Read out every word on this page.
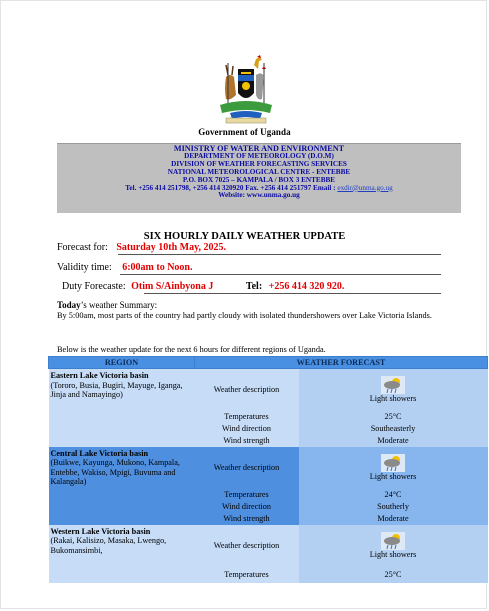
Government of Uganda
MINISTRY OF WATER AND ENVIRONMENT
DEPARTMENT OF METEOROLOGY (D.O.M)
DIVISION OF WEATHER FORECASTING SERVICES
NATIONAL METEOROLOGICAL CENTRE - ENTEBBE
P.O. BOX 7025 – KAMPALA / BOX 3 ENTEBBE
Tel. +256 414 251798, +256 414 320920 Fax. +256 414 251797 Email : exdir@unma.go.ug
Website: www.unma.go.ug
SIX HOURLY DAILY WEATHER UPDATE
Forecast for: Saturday 10th May, 2025.
Validity time: 6:00am to Noon.
Duty Forecaste: Otim S/Ainbyona J	Tel: +256 414 320 920.
Today’s weather Summary:
By 5:00am, most parts of the country had partly cloudy with isolated thundershowers over Lake Victoria Islands.
Below is the weather update for the next 6 hours for different regions of Uganda.
REGION	WEATHER FORECAST	

Eastern Lake Victoria basin
(Tororo, Busia, Bugiri, Mayuge, Iganga, Jinja and Namayingo)	Weather description	Light showers
	Temperatures	25°C
	Wind direction	Southeasterly
	Wind strength	Moderate

Central Lake Victoria basin
(Buikwe, Kayunga, Mukono, Kampala, Entebbe, Wakiso, Mpigi, Buvuma and Kalangala)	Weather description	Light showers
	Temperatures	24°C
	Wind direction	Southerly
	Wind strength	Moderate

Western Lake Victoria basin
(Rakai, Kalisizo, Masaka, Lwengo, Bukomansimbi,	Weather description	Light showers
	Temperatures	25°C
